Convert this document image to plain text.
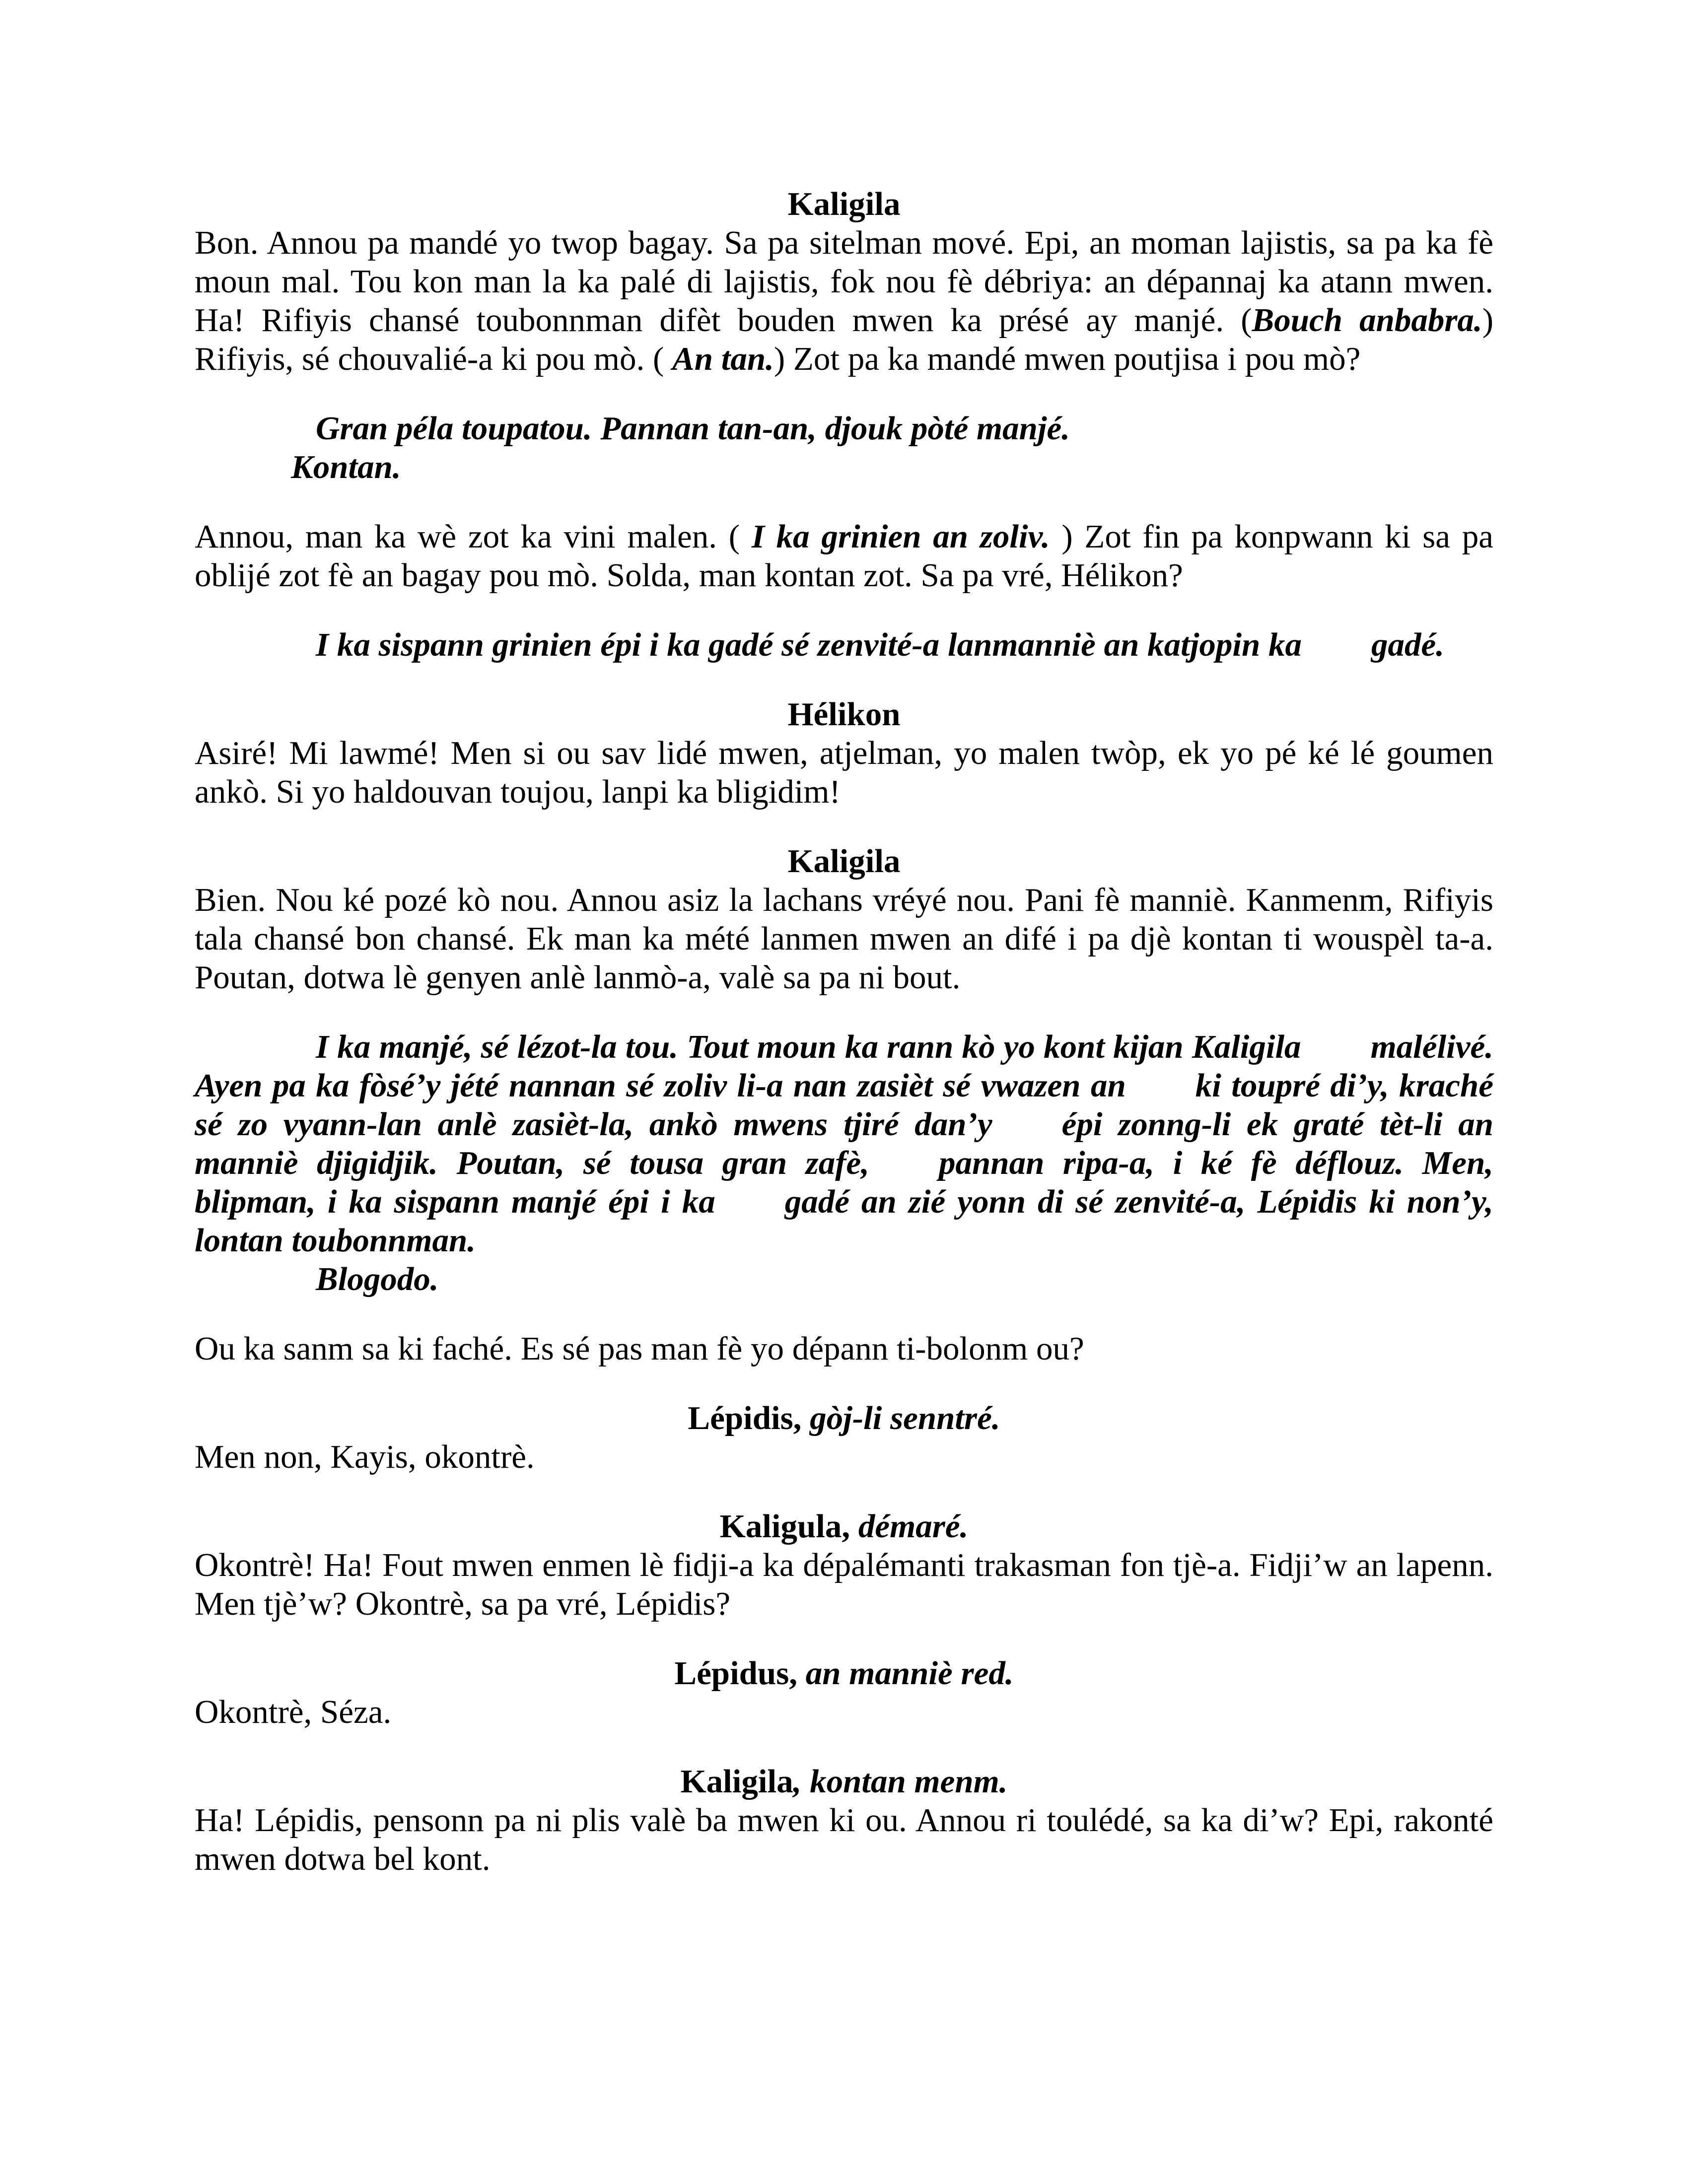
Kaligila
Bon. Annou pa mandé yo twop bagay. Sa pa sitelman mové. Epi, an moman lajistis, sa pa ka fè moun mal. Tou kon man la ka palé di lajistis, fok nou fè débriya: an dépannaj ka atann mwen. Ha! Rifiyis chansé toubonnman difèt bouden mwen ka présé ay manjé. (Bouch anbabra.) Rifiyis, sé chouvalié-a ki pou mò. ( An tan.) Zot pa ka mandé mwen poutjisa i pou mò?
Gran péla toupatou. Pannan tan-an, djouk pòté manjé.
Kontan.
Annou, man ka wè zot ka vini malen. ( I ka grinien an zoliv. ) Zot fin pa konpwann ki sa pa oblijé zot fè an bagay pou mò. Solda, man kontan zot. Sa pa vré, Hélikon?
I ka sispann grinien épi i ka gadé sé zenvité-a lanmanniè an katjopin ka gadé.
Hélikon
Asiré! Mi lawmé! Men si ou sav lidé mwen, atjelman, yo malen twòp, ek yo pé ké lé goumen ankò. Si yo haldouvan toujou, lanpi ka bligidim!
Kaligila
Bien. Nou ké pozé kò nou. Annou asiz la lachans vréyé nou. Pani fè manniè. Kanmenm, Rifiyis tala chansé bon chansé. Ek man ka mété lanmen mwen an difé i pa djè kontan ti wouspèl ta-a. Poutan, dotwa lè genyen anlè lanmò-a, valè sa pa ni bout.
I ka manjé, sé lézot-la tou. Tout moun ka rann kò yo kont kijan Kaligila malélivé. Ayen pa ka fòsé’y jété nannan sé zoliv li-a nan zasièt sé vwazen an ki toupré di’y, kraché sé zo vyann-lan anlè zasièt-la, ankò mwens tjiré dan’y épi zonng-li ek graté tèt-li an manniè djigidjik. Poutan, sé tousa gran zafè, pannan ripa-a, i ké fè déflouz. Men, blipman, i ka sispann manjé épi i ka gadé an zié yonn di sé zenvité-a, Lépidis ki non’y, lontan toubonnman.
Blogodo.
Ou ka sanm sa ki faché. Es sé pas man fè yo dépann ti-bolonm ou?
Lépidis, gòj-li senntré.
Men non, Kayis, okontrè.
Kaligula, démaré.
Okontrè! Ha! Fout mwen enmen lè fidji-a ka dépalémanti trakasman fon tjè-a. Fidji’w an lapenn. Men tjè’w? Okontrè, sa pa vré, Lépidis?
Lépidus, an manniè red.
Okontrè, Séza.
Kaligila, kontan menm.
Ha! Lépidis, pensonn pa ni plis valè ba mwen ki ou. Annou ri toulédé, sa ka di’w? Epi, rakonté mwen dotwa bel kont.
